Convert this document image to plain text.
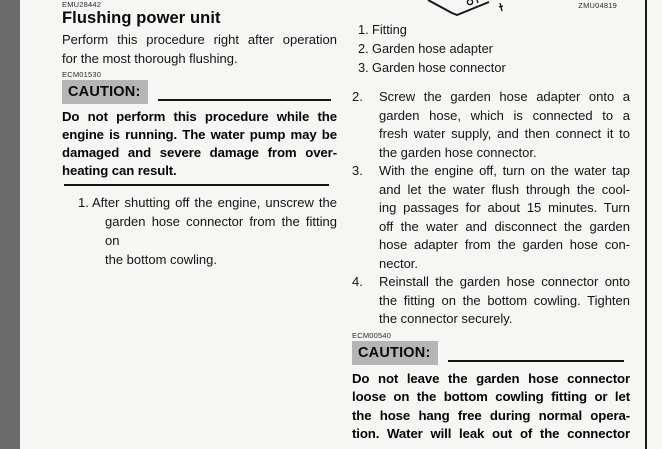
EMU28442
Flushing power unit
Perform this procedure right after operation
for the most thorough flushing.
ECM01530
CAUTION:
Do not perform this procedure while the
engine is running. The water pump may be
damaged and severe damage from over-
heating can result.
1. After shutting off the engine, unscrew the
garden hose connector from the fitting on
the bottom cowling.
ZMU04819
1. Fitting
2. Garden hose adapter
3. Garden hose connector
2.	Screw the garden hose adapter onto a
garden hose, which is connected to a
fresh water supply, and then connect it to
the garden hose connector.
3.	With the engine off, turn on the water tap
and let the water flush through the cool-
ing passages for about 15 minutes. Turn
off the water and disconnect the garden
hose adapter from the garden hose con-
nector.
4.	Reinstall the garden hose connector onto
the fitting on the bottom cowling. Tighten
the connector securely.
ECM00540
CAUTION:
Do not leave the garden hose connector
loose on the bottom cowling fitting or let
the hose hang free during normal opera-
tion. Water will leak out of the connector
